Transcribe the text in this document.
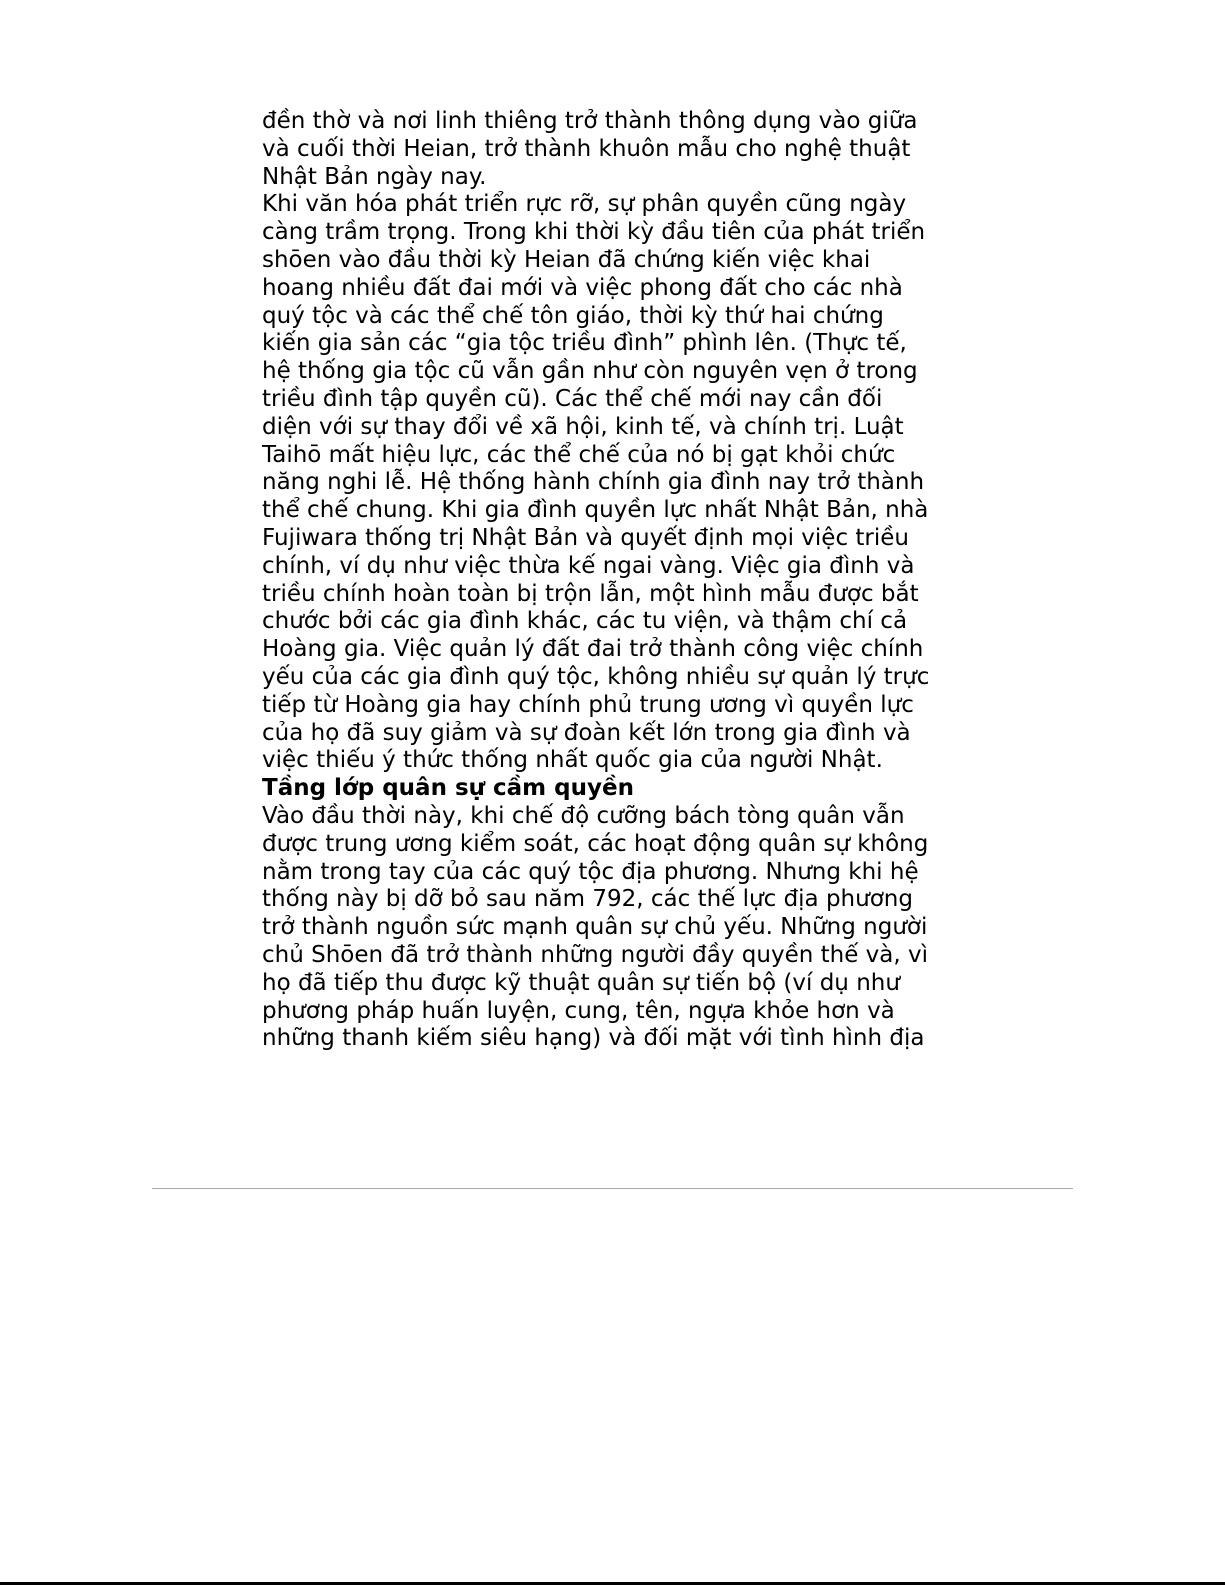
đền thờ và nơi linh thiêng trở thành thông dụng vào giữa
và cuối thời Heian, trở thành khuôn mẫu cho nghệ thuật
Nhật Bản ngày nay.
Khi văn hóa phát triển rực rỡ, sự phân quyền cũng ngày
càng trầm trọng. Trong khi thời kỳ đầu tiên của phát triển
shōen vào đầu thời kỳ Heian đã chứng kiến việc khai
hoang nhiều đất đai mới và việc phong đất cho các nhà
quý tộc và các thể chế tôn giáo, thời kỳ thứ hai chứng
kiến gia sản các “gia tộc triều đình” phình lên. (Thực tế,
hệ thống gia tộc cũ vẫn gần như còn nguyên vẹn ở trong
triều đình tập quyền cũ). Các thể chế mới nay cần đối
diện với sự thay đổi về xã hội, kinh tế, và chính trị. Luật
Taihō mất hiệu lực, các thể chế của nó bị gạt khỏi chức
năng nghi lễ. Hệ thống hành chính gia đình nay trở thành
thể chế chung. Khi gia đình quyền lực nhất Nhật Bản, nhà
Fujiwara thống trị Nhật Bản và quyết định mọi việc triều
chính, ví dụ như việc thừa kế ngai vàng. Việc gia đình và
triều chính hoàn toàn bị trộn lẫn, một hình mẫu được bắt
chước bởi các gia đình khác, các tu viện, và thậm chí cả
Hoàng gia. Việc quản lý đất đai trở thành công việc chính
yếu của các gia đình quý tộc, không nhiều sự quản lý trực
tiếp từ Hoàng gia hay chính phủ trung ương vì quyền lực
của họ đã suy giảm và sự đoàn kết lớn trong gia đình và
việc thiếu ý thức thống nhất quốc gia của người Nhật.
Tầng lớp quân sự cầm quyền
Vào đầu thời này, khi chế độ cưỡng bách tòng quân vẫn
được trung ương kiểm soát, các hoạt động quân sự không
nằm trong tay của các quý tộc địa phương. Nhưng khi hệ
thống này bị dỡ bỏ sau năm 792, các thế lực địa phương
trở thành nguồn sức mạnh quân sự chủ yếu. Những người
chủ Shōen đã trở thành những người đầy quyền thế và, vì
họ đã tiếp thu được kỹ thuật quân sự tiến bộ (ví dụ như
phương pháp huấn luyện, cung, tên, ngựa khỏe hơn và
những thanh kiếm siêu hạng) và đối mặt với tình hình địa
